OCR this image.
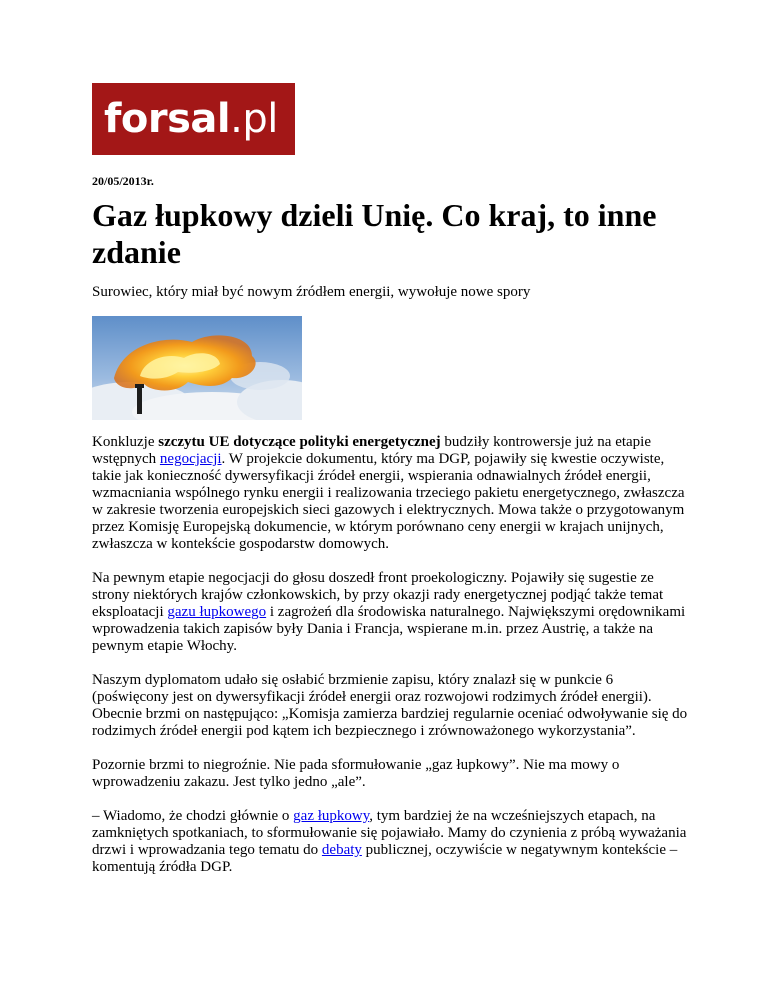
forsal.pl
20/05/2013r.
Gaz łupkowy dzieli Unię. Co kraj, to inne zdanie
Surowiec, który miał być nowym źródłem energii, wywołuje nowe spory

Konkluzje szczytu UE dotyczące polityki energetycznej budziły kontrowersje już na etapie wstępnych negocjacji. W projekcie dokumentu, który ma DGP, pojawiły się kwestie oczywiste, takie jak konieczność dywersyfikacji źródeł energii, wspierania odnawialnych źródeł energii, wzmacniania wspólnego rynku energii i realizowania trzeciego pakietu energetycznego, zwłaszcza w zakresie tworzenia europejskich sieci gazowych i elektrycznych. Mowa także o przygotowanym przez Komisję Europejską dokumencie, w którym porównano ceny energii w krajach unijnych, zwłaszcza w kontekście gospodarstw domowych.

Na pewnym etapie negocjacji do głosu doszedł front proekologiczny. Pojawiły się sugestie ze strony niektórych krajów członkowskich, by przy okazji rady energetycznej podjąć także temat eksploatacji gazu łupkowego i zagrożeń dla środowiska naturalnego. Największymi orędownikami wprowadzenia takich zapisów były Dania i Francja, wspierane m.in. przez Austrię, a także na pewnym etapie Włochy.

Naszym dyplomatom udało się osłabić brzmienie zapisu, który znalazł się w punkcie 6 (poświęcony jest on dywersyfikacji źródeł energii oraz rozwojowi rodzimych źródeł energii). Obecnie brzmi on następująco: „Komisja zamierza bardziej regularnie oceniać odwoływanie się do rodzimych źródeł energii pod kątem ich bezpiecznego i zrównoważonego wykorzystania”.

Pozornie brzmi to niegroźnie. Nie pada sformułowanie „gaz łupkowy”. Nie ma mowy o wprowadzeniu zakazu. Jest tylko jedno „ale”.

– Wiadomo, że chodzi głównie o gaz łupkowy, tym bardziej że na wcześniejszych etapach, na zamkniętych spotkaniach, to sformułowanie się pojawiało. Mamy do czynienia z próbą wyważania drzwi i wprowadzania tego tematu do debaty publicznej, oczywiście w negatywnym kontekście – komentują źródła DGP.
